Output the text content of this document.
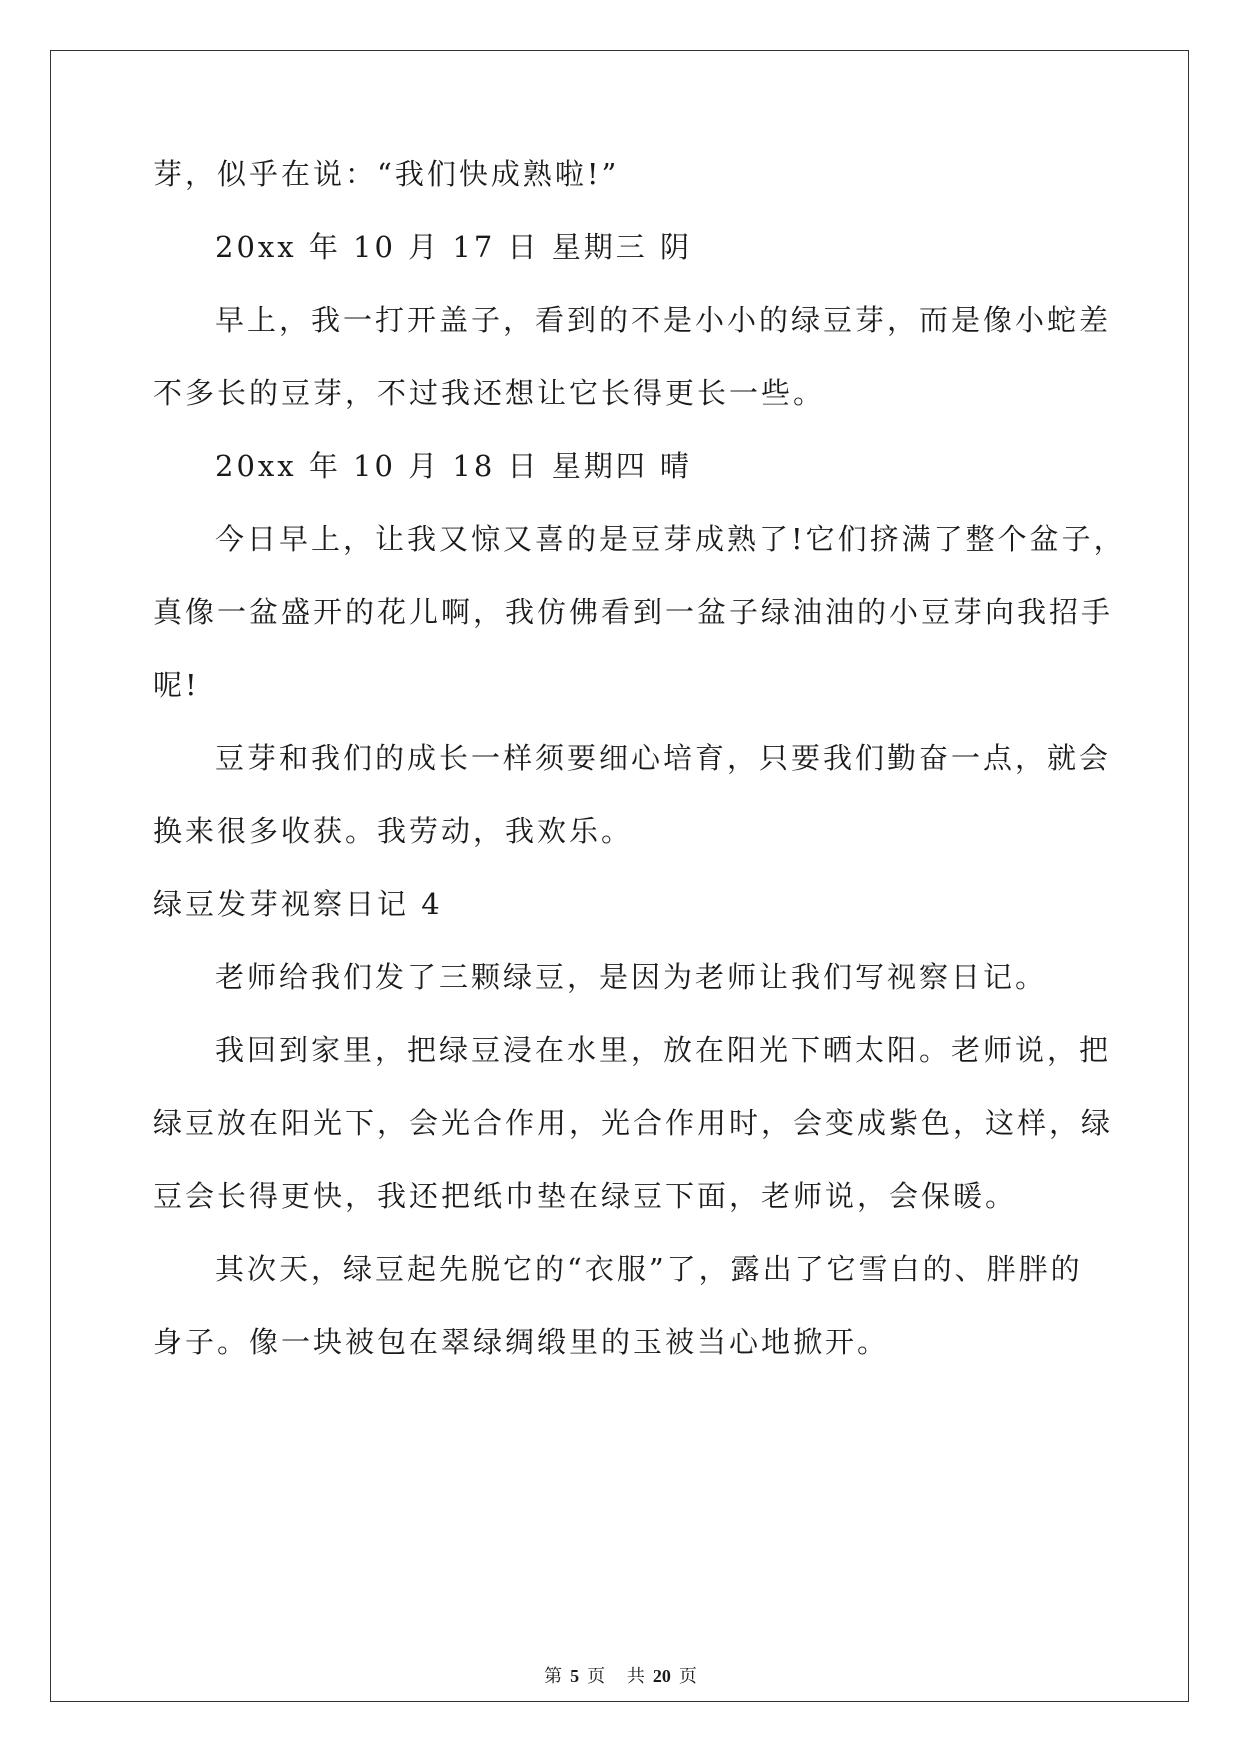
芽，似乎在说：“我们快成熟啦!”
20xx 年 10 月 17 日 星期三 阴
早上，我一打开盖子，看到的不是小小的绿豆芽，而是像小蛇差
不多长的豆芽，不过我还想让它长得更长一些。
20xx 年 10 月 18 日 星期四 晴
今日早上，让我又惊又喜的是豆芽成熟了!它们挤满了整个盆子，
真像一盆盛开的花儿啊，我仿佛看到一盆子绿油油的小豆芽向我招手
呢!
豆芽和我们的成长一样须要细心培育，只要我们勤奋一点，就会
换来很多收获。我劳动，我欢乐。
绿豆发芽视察日记 4
老师给我们发了三颗绿豆，是因为老师让我们写视察日记。
我回到家里，把绿豆浸在水里，放在阳光下晒太阳。老师说，把
绿豆放在阳光下，会光合作用，光合作用时，会变成紫色，这样，绿
豆会长得更快，我还把纸巾垫在绿豆下面，老师说，会保暖。
其次天，绿豆起先脱它的“衣服”了，露出了它雪白的、胖胖的
身子。像一块被包在翠绿绸缎里的玉被当心地掀开。
第 5 页 共 20 页
